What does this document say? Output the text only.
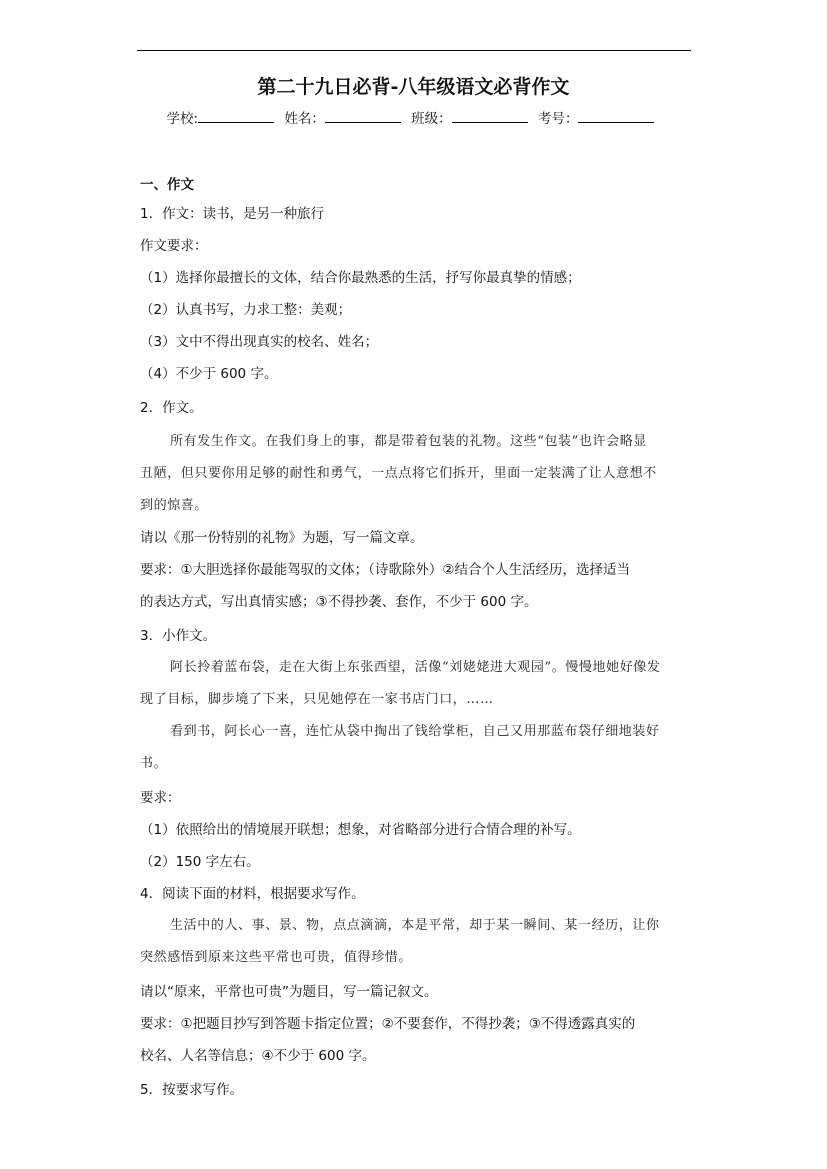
第二十九日必背-八年级语文必背作文
学校:	姓名：	班级：	考号：
一、作文
1．作文：读书，是另一种旅行
作文要求：
（1）选择你最擅长的文体，结合你最熟悉的生活，抒写你最真挚的情感；
（2）认真书写，力求工整：美观；
（3）文中不得出现真实的校名、姓名；
（4）不少于 600 字。
2．作文。
所有发生作文。在我们身上的事，都是带着包装的礼物。这些“包装”也许会略显
丑陋，但只要你用足够的耐性和勇气，一点点将它们拆开，里面一定装满了让人意想不
到的惊喜。
请以《那一份特别的礼物》为题，写一篇文章。
要求：①大胆选择你最能驾驭的文体；（诗歌除外）②结合个人生活经历，选择适当
的表达方式，写出真情实感；③不得抄袭、套作，不少于 600 字。
3．小作文。
阿长拎着蓝布袋，走在大街上东张西望，活像“刘姥姥进大观园”。慢慢地她好像发
现了目标，脚步境了下来，只见她停在一家书店门口，……
看到书，阿长心一喜，连忙从袋中掏出了钱给掌柜，自己又用那蓝布袋仔细地装好
书。
要求：
（1）依照给出的情境展开联想；想象，对省略部分进行合情合理的补写。
（2）150 字左右。
4．阅读下面的材料，根据要求写作。
生活中的人、事、景、物，点点滴滴，本是平常，却于某一瞬间、某一经历，让你
突然感悟到原来这些平常也可贵，值得珍惜。
请以“原来，平常也可贵”为题目，写一篇记叙文。
要求：①把题目抄写到答题卡指定位置；②不要套作，不得抄袭；③不得透露真实的
校名、人名等信息；④不少于 600 字。
5．按要求写作。
